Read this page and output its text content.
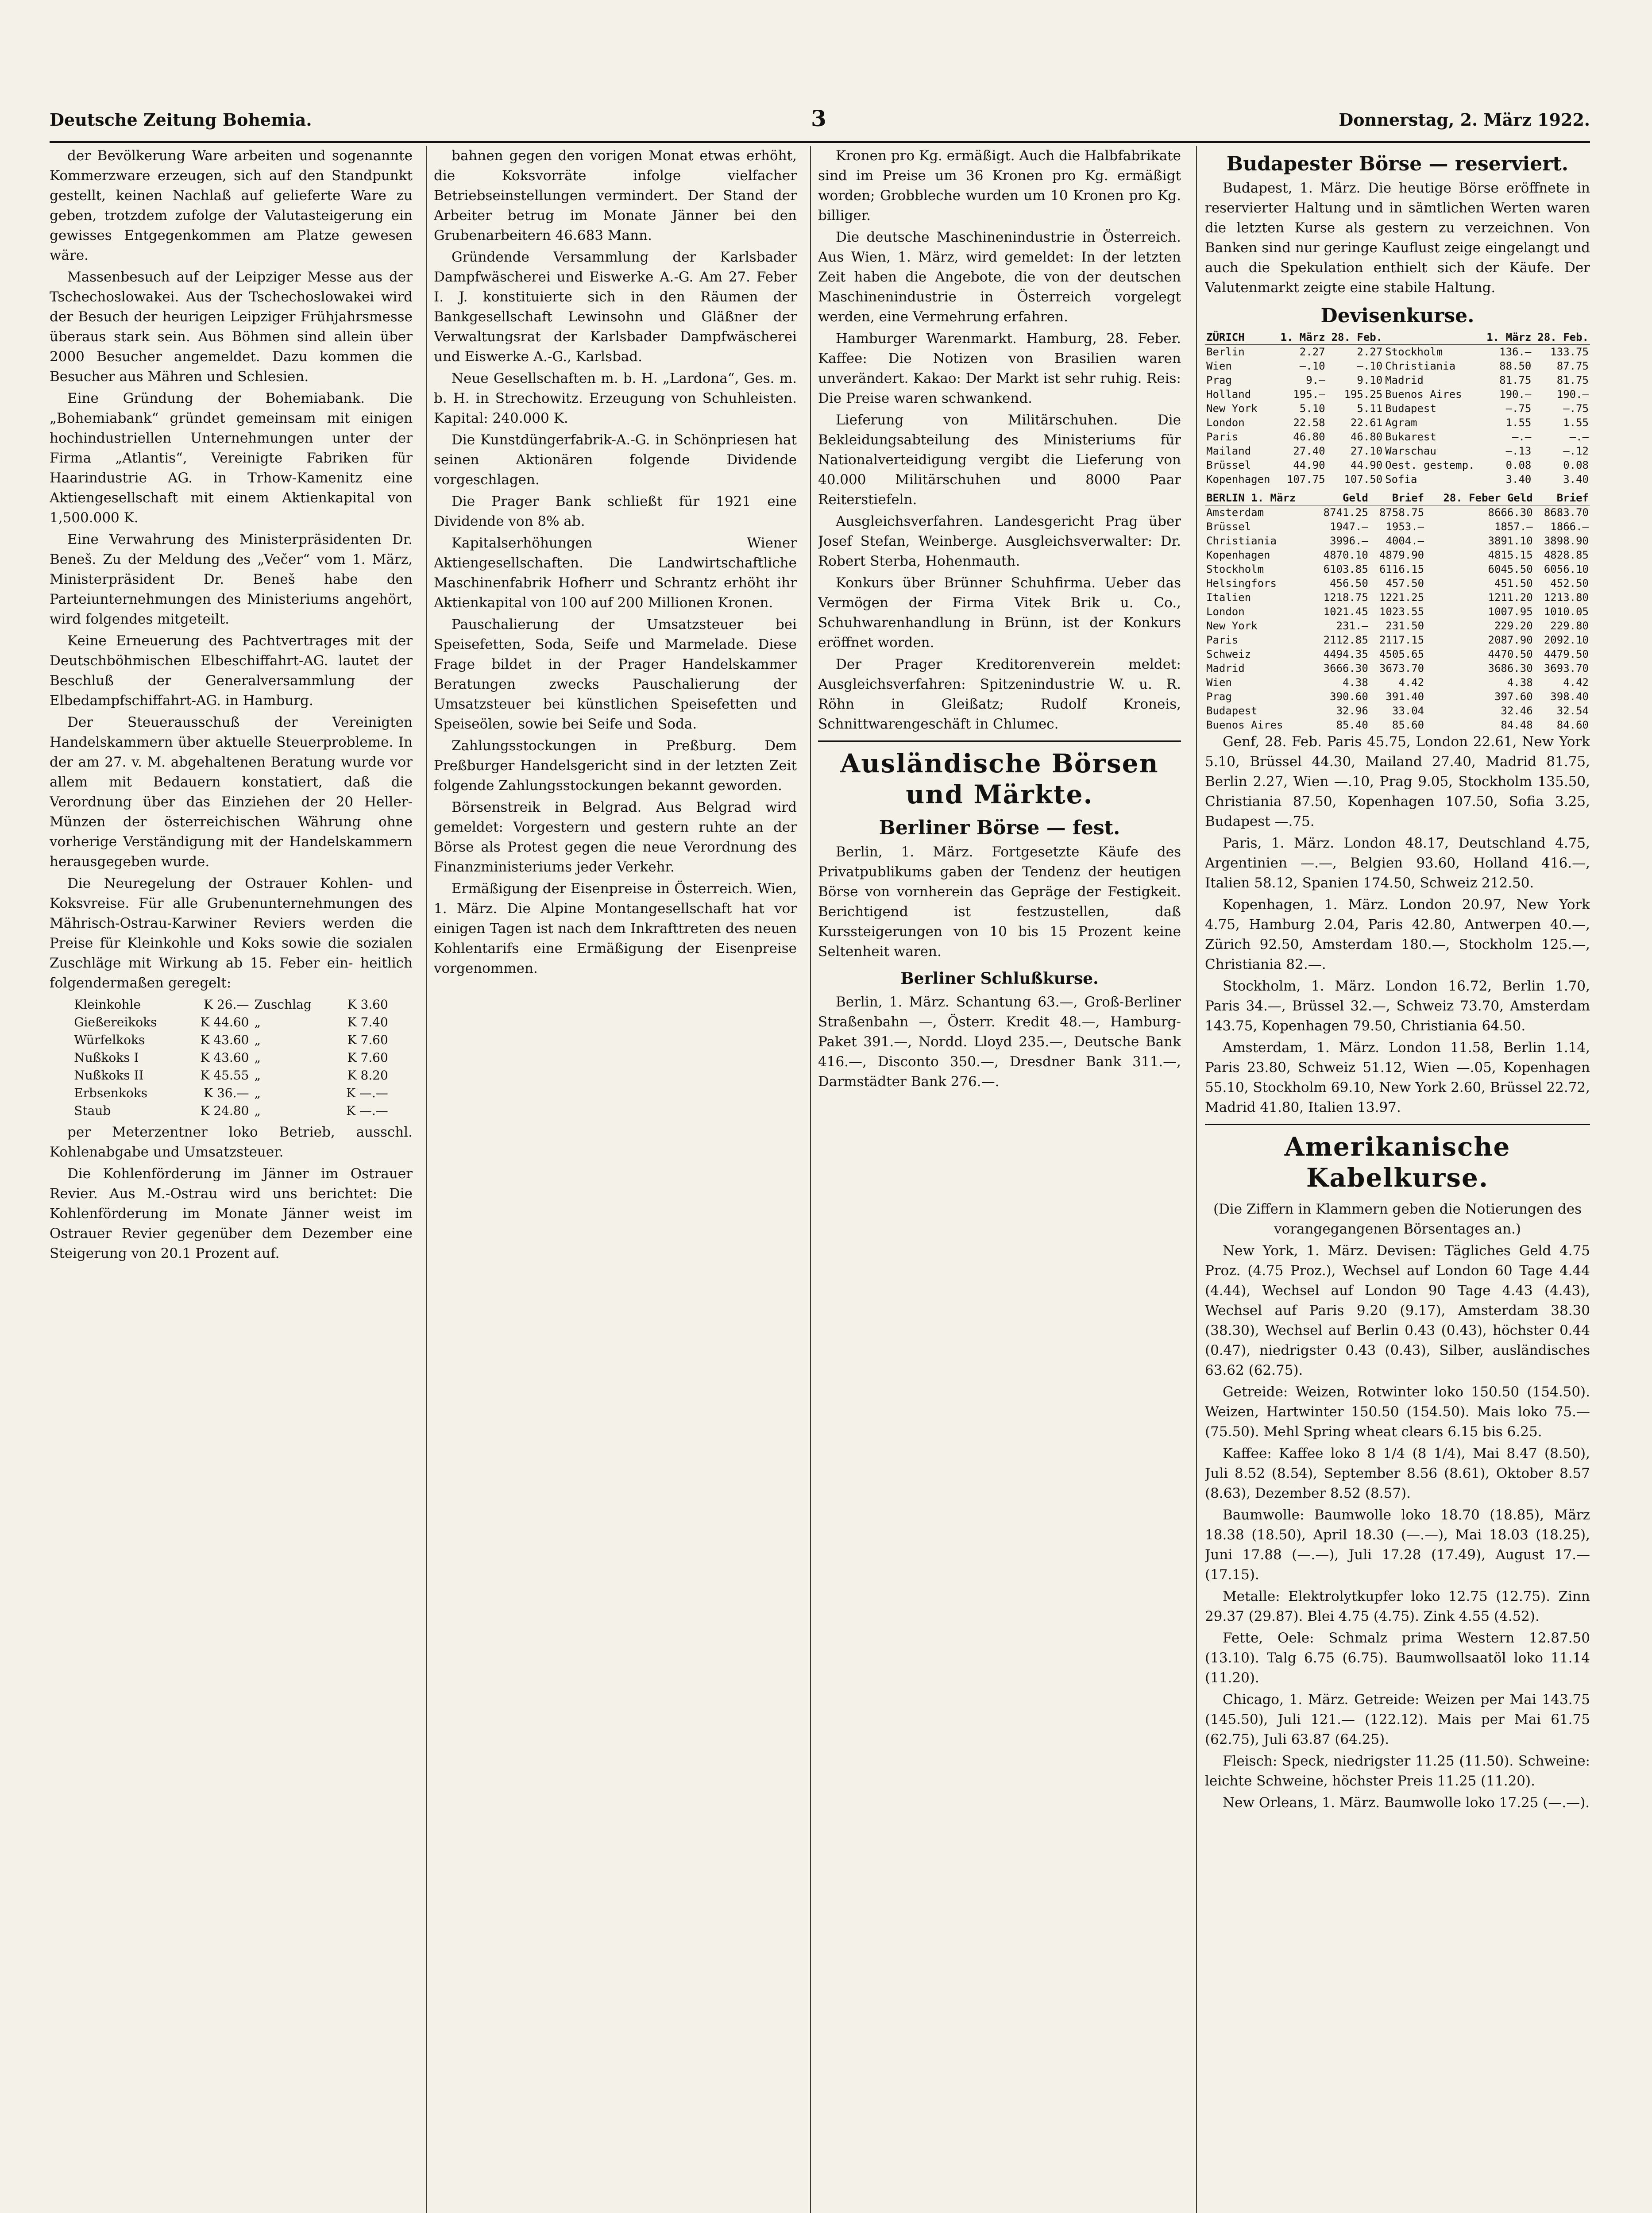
Deutsche Zeitung Bohemia.	3	Donnerstag, 2. März 1922.

der Bevölkerung Ware arbeiten und sogenannte Kommerzware erzeugen, sich auf den Standpunkt gestellt, keinen Nachlaß auf gelieferte Ware zu geben, trotzdem zufolge der Valutasteigerung ein gewisses Entgegenkommen am Platze gewesen wäre.

Massenbesuch auf der Leipziger Messe aus der Tschechoslowakei. Aus der Tschechoslowakei wird der Besuch der heurigen Leipziger Frühjahrsmesse überaus stark sein. Aus Böhmen sind allein über 2000 Besucher angemeldet. Dazu kommen die Besucher aus Mähren und Schlesien.

Eine Gründung der Bohemiabank. Die „Bohemiabank“ gründet gemeinsam mit einigen hochindustriellen Unternehmungen unter der Firma „Atlantis“, Vereinigte Fabriken für Haarindustrie AG. in Trhow-Kamenitz eine Aktiengesellschaft mit einem Aktienkapital von 1,500.000 K.

Eine Verwahrung des Ministerpräsidenten Dr. Beneš. Zu der Meldung des „Večer“ vom 1. März, Ministerpräsident Dr. Beneš habe den Parteiunternehmungen des Ministeriums angehört, wird folgendes mitgeteilt.

Keine Erneuerung des Pachtvertrages mit der Deutschböhmischen Elbeschiffahrt-AG. lautet der Beschluß der Generalversammlung der Elbedampfschiffahrt-AG. in Hamburg.

Der Steuerausschuß der Vereinigten Handelskammern über aktuelle Steuerprobleme. In der am 27. v. M. abgehaltenen Beratung wurde vor allem mit Bedauern konstatiert, daß die Verordnung über das Einziehen der 20 Heller-Münzen der österreichischen Währung ohne vorherige Verständigung mit der Handelskammern herausgegeben wurde.

Die Neuregelung der Ostrauer Kohlen- und Koksvreise. Für alle Grubenunternehmungen des Mährisch-Ostrau-Karwiner Reviers werden die Preise für Kleinkohle und Koks sowie die sozialen Zuschläge mit Wirkung ab 15. Feber ein- heitlich folgendermaßen geregelt:

Kleinkohle	K 26.—	Zuschlag	K 3.60
Gießereikoks	K 44.60	„	K 7.40
Würfelkoks	K 43.60	„	K 7.60
Nußkoks I	K 43.60	„	K 7.60
Nußkoks II	K 45.55	„	K 8.20
Erbsenkoks	K 36.—	„	K —.—
Staub	K 24.80	„	K —.—

per Meterzentner loko Betrieb, ausschl. Kohlenabgabe und Umsatzsteuer.

Die Kohlenförderung im Jänner im Ostrauer Revier. Aus M.-Ostrau wird uns berichtet: Die Kohlenförderung im Monate Jänner weist im Ostrauer Revier gegenüber dem Dezember eine Steigerung von 20.1 Prozent auf.

bahnen gegen den vorigen Monat etwas erhöht, die Koksvorräte infolge vielfacher Betriebseinstellungen vermindert. Der Stand der Arbeiter betrug im Monate Jänner bei den Grubenarbeitern 46.683 Mann.

Gründende Versammlung der Karlsbader Dampfwäscherei und Eiswerke A.-G. Am 27. Feber I. J. konstituierte sich in den Räumen der Bankgesellschaft Lewinsohn und Gläßner der Verwaltungsrat der Karlsbader Dampfwäscherei und Eiswerke A.-G., Karlsbad.

Neue Gesellschaften m. b. H. „Lardona“, Ges. m. b. H. in Strechowitz. Erzeugung von Schuhleisten. Kapital: 240.000 K.

Die Kunstdüngerfabrik-A.-G. in Schönpriesen hat seinen Aktionären folgende Dividende vorgeschlagen.

Die Prager Bank schließt für 1921 eine Dividende von 8% ab.

Kapitalserhöhungen Wiener Aktiengesellschaften. Die Landwirtschaftliche Maschinenfabrik Hofherr und Schrantz erhöht ihr Aktienkapital von 100 auf 200 Millionen Kronen.

Pauschalierung der Umsatzsteuer bei Speisefetten, Soda, Seife und Marmelade. Diese Frage bildet in der Prager Handelskammer Beratungen zwecks Pauschalierung der Umsatzsteuer bei künstlichen Speisefetten und Speiseölen, sowie bei Seife und Soda.

Zahlungsstockungen in Preßburg. Dem Preßburger Handelsgericht sind in der letzten Zeit folgende Zahlungsstockungen bekannt geworden.

Börsenstreik in Belgrad. Aus Belgrad wird gemeldet: Vorgestern und gestern ruhte an der Börse als Protest gegen die neue Verordnung des Finanzministeriums jeder Verkehr.

Ermäßigung der Eisenpreise in Österreich. Wien, 1. März. Die Alpine Montangesellschaft hat vor einigen Tagen ist nach dem Inkrafttreten des neuen Kohlentarifs eine Ermäßigung der Eisenpreise vorgenommen.

Kronen pro Kg. ermäßigt. Auch die Halbfabrikate sind im Preise um 36 Kronen pro Kg. ermäßigt worden; Grobbleche wurden um 10 Kronen pro Kg. billiger.

Die deutsche Maschinenindustrie in Österreich. Aus Wien, 1. März, wird gemeldet: In der letzten Zeit haben die Angebote, die von der deutschen Maschinenindustrie in Österreich vorgelegt werden, eine Vermehrung erfahren.

Hamburger Warenmarkt. Hamburg, 28. Feber. Kaffee: Die Notizen von Brasilien waren unverändert. Kakao: Der Markt ist sehr ruhig. Reis: Die Preise waren schwankend.

Lieferung von Militärschuhen. Die Bekleidungsabteilung des Ministeriums für Nationalverteidigung vergibt die Lieferung von 40.000 Militärschuhen und 8000 Paar Reiterstiefeln.

Ausgleichsverfahren. Landesgericht Prag über Josef Stefan, Weinberge. Ausgleichsverwalter: Dr. Robert Sterba, Hohenmauth.

Konkurs über Brünner Schuhfirma. Ueber das Vermögen der Firma Vitek Brik u. Co., Schuhwarenhandlung in Brünn, ist der Konkurs eröffnet worden.

Der Prager Kreditorenverein meldet: Ausgleichsverfahren: Spitzenindustrie W. u. R. Röhn in Gleißatz; Rudolf Kroneis, Schnittwarengeschäft in Chlumec.

Ausländische Börsen und Märkte.
Berliner Börse — fest.

Berlin, 1. März. Fortgesetzte Käufe des Privatpublikums gaben der Tendenz der heutigen Börse von vornherein das Gepräge der Festigkeit. Berichtigend ist festzustellen, daß Kurssteigerungen von 10 bis 15 Prozent keine Seltenheit waren.

Berliner Schlußkurse.

Berlin, 1. März. Schantung 63.—, Groß-Berliner Straßenbahn —, Österr. Kredit 48.—, Hamburg-Paket 391.—, Nordd. Lloyd 235.—, Deutsche Bank 416.—, Disconto 350.—, Dresdner Bank 311.—, Darmstädter Bank 276.—.

Budapester Börse — reserviert.

Budapest, 1. März. Die heutige Börse eröffnete in reservierter Haltung und in sämtlichen Werten waren die letzten Kurse als gestern zu verzeichnen. Von Banken sind nur geringe Kauflust zeige eingelangt und auch die Spekulation enthielt sich der Käufe. Der Valutenmarkt zeigte eine stabile Haltung.

Devisenkurse.
ZÜRICH	1. März	28. Feb.		1. März	28. Feb.
Berlin	2.27	2.27	Stockholm	136.—	133.75
Wien	—.10	—.10	Christiania	88.50	87.75
Prag	9.—	9.10	Madrid	81.75	81.75
Holland	195.—	195.25	Buenos Aires	190.—	190.—
New York	5.10	5.11	Budapest	—.75	—.75
London	22.58	22.61	Agram	1.55	1.55
Paris	46.80	46.80	Bukarest	—.—	—.—
Mailand	27.40	27.10	Warschau	—.13	—.12
Brüssel	44.90	44.90	Oest. gestemp.	0.08	0.08
Kopenhagen	107.75	107.50	Sofia	3.40	3.40
BERLIN 1. März	Geld	Brief	28. Feber Geld	Brief
Amsterdam	8741.25	8758.75	8666.30	8683.70
Brüssel	1947.—	1953.—	1857.—	1866.—
Christiania	3996.—	4004.—	3891.10	3898.90
Kopenhagen	4870.10	4879.90	4815.15	4828.85
Stockholm	6103.85	6116.15	6045.50	6056.10
Helsingfors	456.50	457.50	451.50	452.50
Italien	1218.75	1221.25	1211.20	1213.80
London	1021.45	1023.55	1007.95	1010.05
New York	231.—	231.50	229.20	229.80
Paris	2112.85	2117.15	2087.90	2092.10
Schweiz	4494.35	4505.65	4470.50	4479.50
Madrid	3666.30	3673.70	3686.30	3693.70
Wien	4.38	4.42	4.38	4.42
Prag	390.60	391.40	397.60	398.40
Budapest	32.96	33.04	32.46	32.54
Buenos Aires	85.40	85.60	84.48	84.60

Genf, 28. Feb. Paris 45.75, London 22.61, New York 5.10, Brüssel 44.30, Mailand 27.40, Madrid 81.75, Berlin 2.27, Wien —.10, Prag 9.05, Stockholm 135.50, Christiania 87.50, Kopenhagen 107.50, Sofia 3.25, Budapest —.75.

Paris, 1. März. London 48.17, Deutschland 4.75, Argentinien —.—, Belgien 93.60, Holland 416.—, Italien 58.12, Spanien 174.50, Schweiz 212.50.

Kopenhagen, 1. März. London 20.97, New York 4.75, Hamburg 2.04, Paris 42.80, Antwerpen 40.—, Zürich 92.50, Amsterdam 180.—, Stockholm 125.—, Christiania 82.—.

Stockholm, 1. März. London 16.72, Berlin 1.70, Paris 34.—, Brüssel 32.—, Schweiz 73.70, Amsterdam 143.75, Kopenhagen 79.50, Christiania 64.50.

Amsterdam, 1. März. London 11.58, Berlin 1.14, Paris 23.80, Schweiz 51.12, Wien —.05, Kopenhagen 55.10, Stockholm 69.10, New York 2.60, Brüssel 22.72, Madrid 41.80, Italien 13.97.

Amerikanische Kabelkurse.

(Die Ziffern in Klammern geben die Notierungen des vorangegangenen Börsentages an.)

New York, 1. März. Devisen: Tägliches Geld 4.75 Proz. (4.75 Proz.), Wechsel auf London 60 Tage 4.44 (4.44), Wechsel auf London 90 Tage 4.43 (4.43), Wechsel auf Paris 9.20 (9.17), Amsterdam 38.30 (38.30), Wechsel auf Berlin 0.43 (0.43), höchster 0.44 (0.47), niedrigster 0.43 (0.43), Silber, ausländisches 63.62 (62.75).

Getreide: Weizen, Rotwinter loko 150.50 (154.50). Weizen, Hartwinter 150.50 (154.50). Mais loko 75.— (75.50). Mehl Spring wheat clears 6.15 bis 6.25.

Kaffee: Kaffee loko 8 1/4 (8 1/4), Mai 8.47 (8.50), Juli 8.52 (8.54), September 8.56 (8.61), Oktober 8.57 (8.63), Dezember 8.52 (8.57).

Baumwolle: Baumwolle loko 18.70 (18.85), März 18.38 (18.50), April 18.30 (—.—), Mai 18.03 (18.25), Juni 17.88 (—.—), Juli 17.28 (17.49), August 17.— (17.15).

Metalle: Elektrolytkupfer loko 12.75 (12.75). Zinn 29.37 (29.87). Blei 4.75 (4.75). Zink 4.55 (4.52).

Fette, Oele: Schmalz prima Western 12.87.50 (13.10). Talg 6.75 (6.75). Baumwollsaatöl loko 11.14 (11.20).

Chicago, 1. März. Getreide: Weizen per Mai 143.75 (145.50), Juli 121.— (122.12). Mais per Mai 61.75 (62.75), Juli 63.87 (64.25).

Fleisch: Speck, niedrigster 11.25 (11.50). Schweine: leichte Schweine, höchster Preis 11.25 (11.20).

New Orleans, 1. März. Baumwolle loko 17.25 (—.—).
